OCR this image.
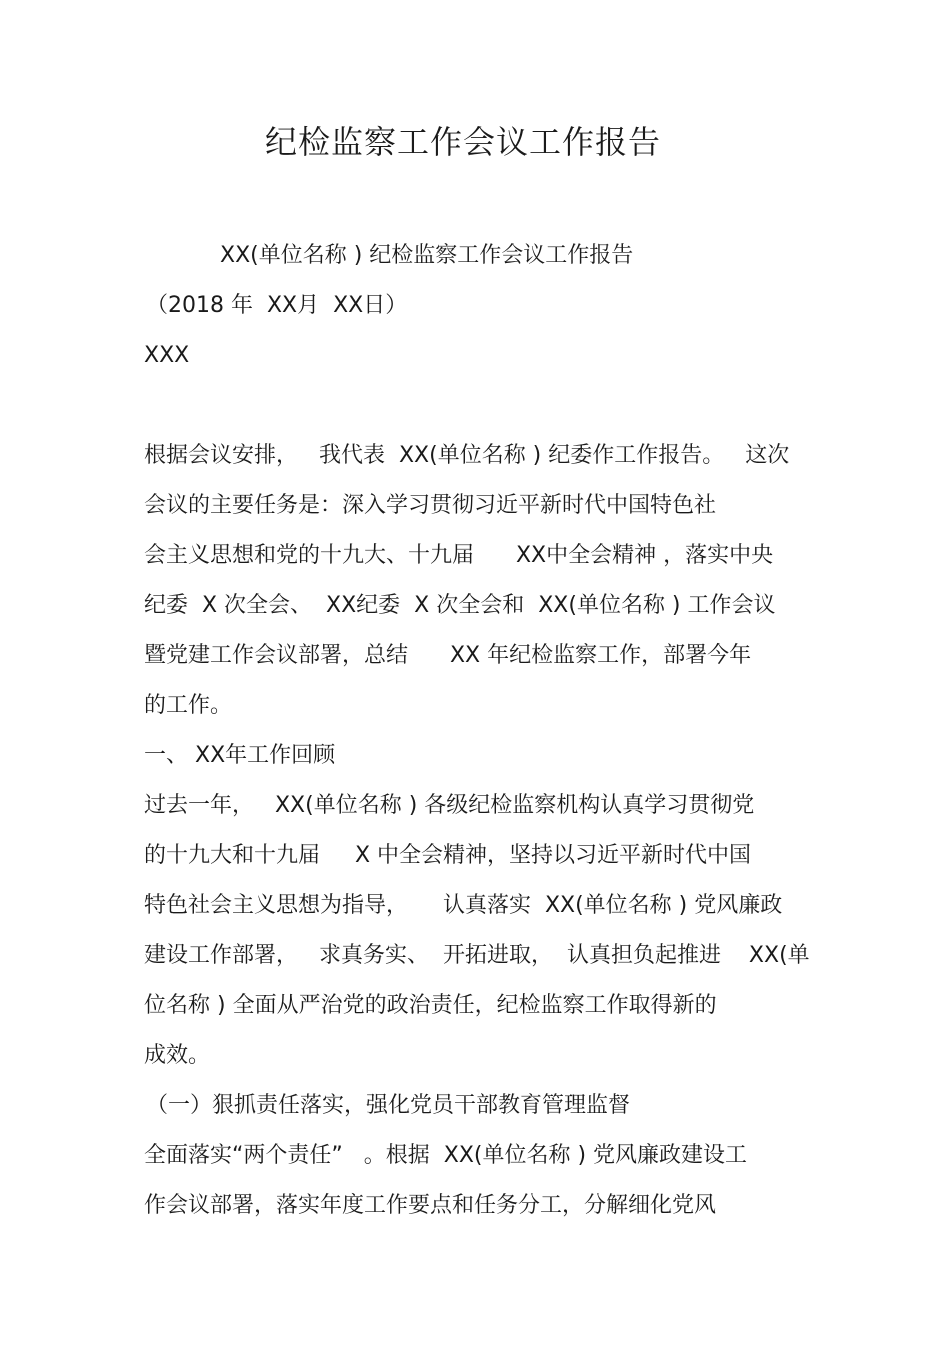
纪检监察工作会议工作报告
XX(单位名称 ) 纪检监察工作会议工作报告
（2018 年  XX月  XX日）
XXX
根据会议安排，   我代表  XX(单位名称 ) 纪委作工作报告。   这次
会议的主要任务是：深入学习贯彻习近平新时代中国特色社
会主义思想和党的十九大、十九届      XX中全会精神 ，落实中央
纪委  X 次全会、  XX纪委  X 次全会和  XX(单位名称 ) 工作会议
暨党建工作会议部署，总结      XX 年纪检监察工作，部署今年
的工作。
一、 XX年工作回顾
过去一年，   XX(单位名称 ) 各级纪检监察机构认真学习贯彻党
的十九大和十九届     X 中全会精神，坚持以习近平新时代中国
特色社会主义思想为指导，     认真落实  XX(单位名称 ) 党风廉政
建设工作部署，   求真务实、  开拓进取，  认真担负起推进    XX(单
位名称 ) 全面从严治党的政治责任，纪检监察工作取得新的
成效。
（一）狠抓责任落实，强化党员干部教育管理监督
全面落实“两个责任”   。根据  XX(单位名称 ) 党风廉政建设工
作会议部署，落实年度工作要点和任务分工，分解细化党风
